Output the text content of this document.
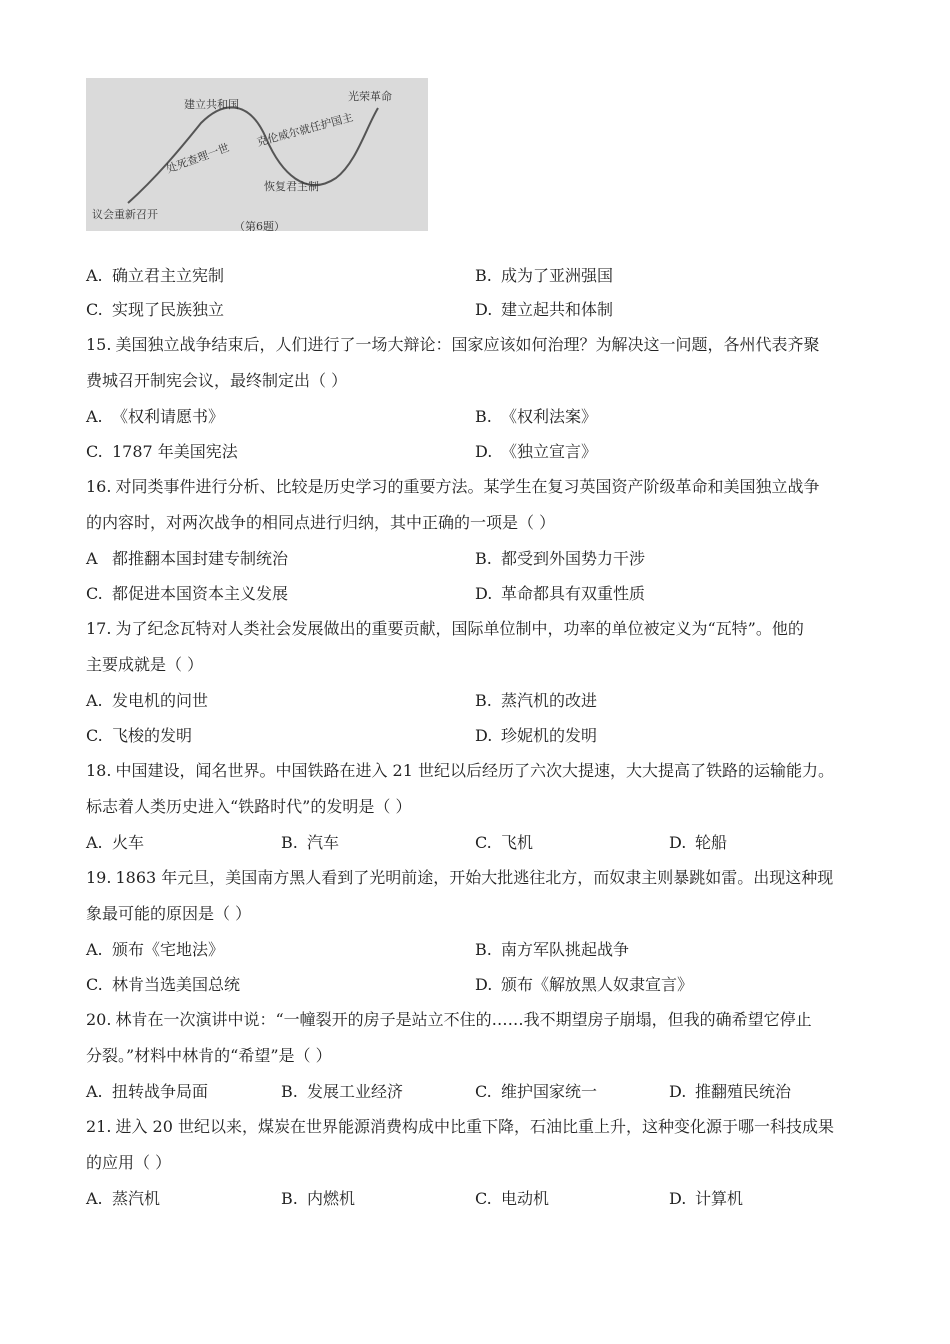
议会重新召开
处死查理一世
建立共和国
克伦威尔就任护国主
恢复君主制
光荣革命
（第6题）
A. 确立君主立宪制	B. 成为了亚洲强国
C. 实现了民族独立	D. 建立起共和体制
15. 美国独立战争结束后，人们进行了一场大辩论：国家应该如何治理？为解决这一问题，各州代表齐聚
费城召开制宪会议，最终制定出（ ）
A. 《权利请愿书》	B. 《权利法案》
C. 1787 年美国宪法	D. 《独立宣言》
16. 对同类事件进行分析、比较是历史学习的重要方法。某学生在复习英国资产阶级革命和美国独立战争
的内容时，对两次战争的相同点进行归纳，其中正确的一项是（ ）
A 都推翻本国封建专制统治	B. 都受到外国势力干涉
C. 都促进本国资本主义发展	D. 革命都具有双重性质
17. 为了纪念瓦特对人类社会发展做出的重要贡献，国际单位制中，功率的单位被定义为“瓦特”。他的
主要成就是（ ）
A. 发电机的问世	B. 蒸汽机的改进
C. 飞梭的发明	D. 珍妮机的发明
18. 中国建设，闻名世界。中国铁路在进入 21 世纪以后经历了六次大提速，大大提高了铁路的运输能力。
标志着人类历史进入“铁路时代”的发明是（ ）
A. 火车	B. 汽车	C. 飞机	D. 轮船
19. 1863 年元旦，美国南方黑人看到了光明前途，开始大批逃往北方，而奴隶主则暴跳如雷。出现这种现
象最可能的原因是（ ）
A. 颁布《宅地法》	B. 南方军队挑起战争
C. 林肯当选美国总统	D. 颁布《解放黑人奴隶宣言》
20. 林肯在一次演讲中说：“一幢裂开的房子是站立不住的……我不期望房子崩塌，但我的确希望它停止
分裂。”材料中林肯的“希望”是（ ）
A. 扭转战争局面	B. 发展工业经济	C. 维护国家统一	D. 推翻殖民统治
21. 进入 20 世纪以来，煤炭在世界能源消费构成中比重下降，石油比重上升，这种变化源于哪一科技成果
的应用（ ）
A. 蒸汽机	B. 内燃机	C. 电动机	D. 计算机
